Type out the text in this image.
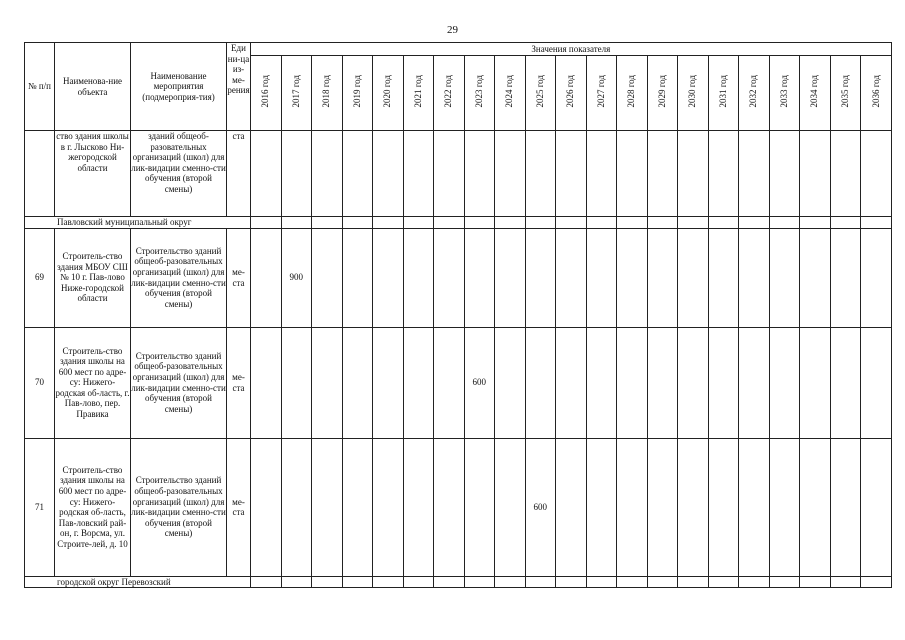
29
№ п/п	Наименова-ние объекта	Наименование мероприятия (подмероприя-тия)	Еди ни-ца из-ме-рения	Значения показателя																				
				2016 год	2017 год	2018 год	2019 год	2020 год	2021 год	2022 год	2023 год	2024 год	2025 год	2026 год	2027 год	2028 год	2029 год	2030 год	2031 год	2032 год	2033 год	2034 год	2035 год	2036 год
	ство здания школы в г. Лысково Ни-жегородской области	зданий общеоб-разовательных организаций (школ) для лик-видации сменно-сти обучения (второй смены)	ста																					
Павловский муниципальный округ																								
69	Строитель-ство здания МБОУ СШ № 10 г. Пав-лово Ниже-городской области	Строительство зданий общеоб-разовательных организаций (школ) для лик-видации сменно-сти обучения (второй смены)	ме-ста		900																			
70	Строитель-ство здания школы на 600 мест по адре-су: Нижего-родская об-ласть, г. Пав-лово, пер. Правика	Строительство зданий общеоб-разовательных организаций (школ) для лик-видации сменно-сти обучения (второй смены)	ме-ста								600													
71	Строитель-ство здания школы на 600 мест по адре-су: Нижего-родская об-ласть, Пав-ловский рай-он, г. Ворсма, ул. Строите-лей, д. 10	Строительство зданий общеоб-разовательных организаций (школ) для лик-видации сменно-сти обучения (второй смены)	ме-ста										600											
городской округ Перевозский																								
